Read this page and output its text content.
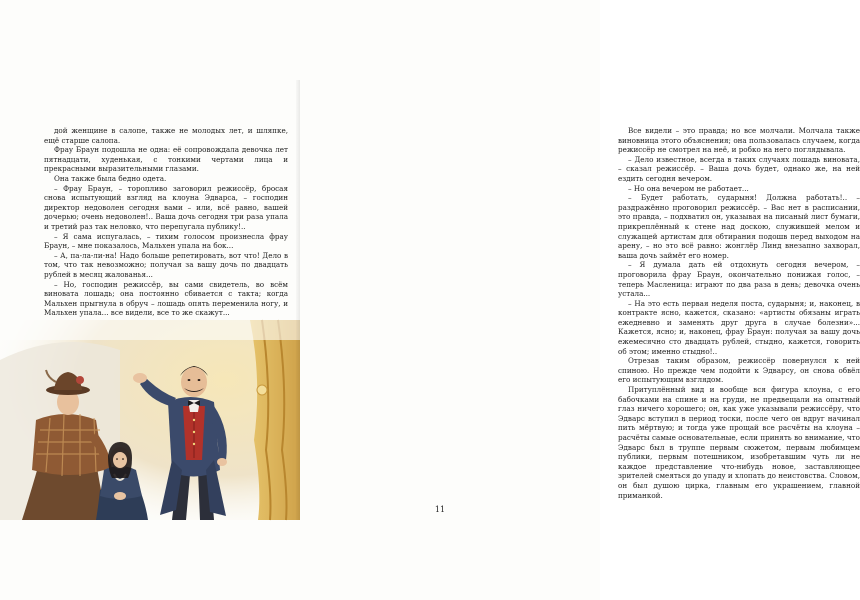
дой женщине в салопе, также не молодых лет, и шляпке, ещё старше салопа.

Фрау Браун подошла не одна: её сопровождала девочка лет пятнадцати, худенькая, с тонкими чертами лица и прекрасными выразительными глазами.

Она также была бедно одета.

– Фрау Браун, – торопливо заговорил режиссёр, бросая снова испытующий взгляд на клоуна Эдварса, – господин директор недоволен сегодня вами – или, всё равно, вашей дочерью; очень недоволен!.. Ваша дочь сегодня три раза упала и третий раз так неловко, что перепугала публику!..

– Я сама испугалась, – тихим голосом произнесла фрау Браун, – мне показалось, Мальхен упала на бок...

– А, па-ла-ли-на! Надо больше репетировать, вот что! Дело в том, что так невозможно; получая за вашу дочь по двадцать рублей в месяц жалованья...

– Но, господин режиссёр, вы сами свидетель, во всём виновата лошадь; она постоянно сбивается с такта; когда Мальхен прыгнула в обруч – лошадь опять переменила ногу, и Мальхен упала... все видели, все то же скажут...

Все видели – это правда; но все молчали. Молчала также виновница этого объяснения; она пользовалась случаем, когда режиссёр не смотрел на неё, и робко на него поглядывала.

– Дело известное, всегда в таких случаях лошадь виновата, – сказал режиссёр. – Ваша дочь будет, однако же, на ней ездить сегодня вечером.

– Но она вечером не работает...

– Будет работать, сударыня! Должна работать!.. – раздражённо проговорил режиссёр. – Вас нет в расписании, это правда, – подхватил он, указывая на писаный лист бумаги, прикреплённый к стене над доскою, служившей мелом и служащей артистам для обтирания подошв перед выходом на арену, – но это всё равно: жонглёр Линд внезапно захворал, ваша дочь займёт его номер.

– Я думала дать ей отдохнуть сегодня вечером, – проговорила фрау Браун, окончательно понижая голос, – теперь Масленица: играют по два раза в день; девочка очень устала...

– На это есть первая неделя поста, сударыня; и, наконец, в контракте ясно, кажется, сказано: «артисты обязаны играть ежедневно и заменять друг друга в случае болезни»... Кажется, ясно; и, наконец, фрау Браун: получая за вашу дочь ежемесячно сто двадцать рублей, стыдно, кажется, говорить об этом; именно стыдно!..

Отрезав таким образом, режиссёр повернулся к ней спиною. Но прежде чем подойти к Эдварсу, он снова обвёл его испытующим взглядом.

Притуплённый вид и вообще вся фигура клоуна, с его бабочками на спине и на груди, не предвещали на опытный глаз ничего хорошего; он, как уже указывали режиссёру, что Эдварс вступил в период тоски, после чего он вдруг начинал пить мёртвую; и тогда уже прощай все расчёты на клоуна – расчёты самые основательные, если принять во внимание, что Эдварс был в труппе первым сюжетом, первым любимцем публики, первым потешником, изобретавшим чуть ли не каждое представление что-нибудь новое, заставляющее зрителей смеяться до упаду и хлопать до неистовства. Словом, он был душою цирка, главным его украшением, главной приманкой.

11
